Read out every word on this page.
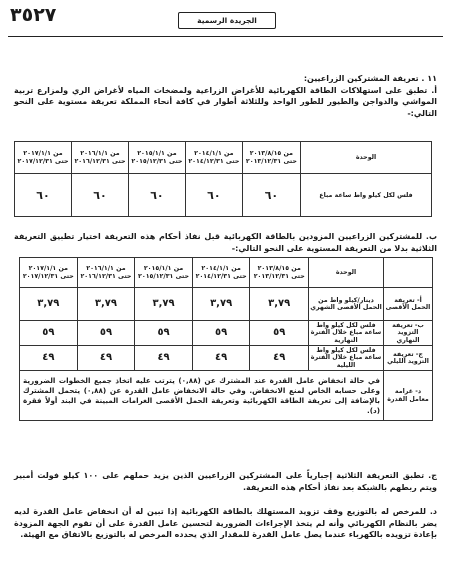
٣٥٢٧	الجريدة الرسمية

١١ . تعريفة المشتركين الزراعيين:

أ. تطبق على استهلاكات الطاقة الكهربائية للأغراض الزراعية ولمضخات المياه لأغراض الري ولمزارع تربية المواشي والدواجن والطيور للطور الواحد وللثلاثة أطوار في كافة أنحاء المملكة تعريفة مستوية على النحو التالي:-

الوحدة	من ٢٠١٣/٨/١٥ حتى ٢٠١٣/١٢/٣١	من ٢٠١٤/١/١ حتى ٢٠١٤/١٢/٣١	من ٢٠١٥/١/١ حتى ٢٠١٥/١٢/٣١	من ٢٠١٦/١/١ حتى ٢٠١٦/١٢/٣١	من ٢٠١٧/١/١ حتى ٢٠١٧/١٢/٣١
فلس لكل كيلو واط ساعة مباع	٦٠	٦٠	٦٠	٦٠	٦٠
ب. للمشتركين الزراعيين المزودين بالطاقة الكهربائية قبل نفاذ أحكام هذه التعريفة اختيار تطبيق التعريفة الثلاثية بدلا من التعريفة المستوية على النحو التالي:-
	الوحدة	من ٢٠١٣/٨/١٥ حتى ٢٠١٣/١٢/٣١	من ٢٠١٤/١/١ حتى ٢٠١٤/١٢/٣١	من ٢٠١٥/١/١ حتى ٢٠١٥/١٢/٣١	من ٢٠١٦/١/١ حتى ٢٠١٦/١٢/٣١	من ٢٠١٧/١/١ حتى ٢٠١٧/١٢/٣١
أ- تعريفة الحمل الأقصى	دينار/كيلو واط من الحمل الأقصى الشهري	٣,٧٩	٣,٧٩	٣,٧٩	٣,٧٩	٣,٧٩
ب- تعريفة التزويد النهاري	فلس لكل كيلو واط ساعة مباع خلال الفترة النهارية	٥٩	٥٩	٥٩	٥٩	٥٩
ج- تعريفة التزويد الليلي	فلس لكل كيلو واط ساعة مباع خلال الفترة الليلية	٤٩	٤٩	٤٩	٤٩	٤٩
د- غرامة معامل القدرة	في حالة انخفاض عامل القدرة عند المشترك عن (٠,٨٨) يترتب عليه اتخاذ جميع الخطوات الضرورية وعلى حسابه الخاص لمنع الانخفاض. وفي حالة الانخفاض عامل القدرة عن (٠,٨٨) يتحمل المشترك بالإضافة إلى تعريفة الطاقة الكهربائية وتعريفة الحمل الأقصى الغرامات المبينة في البند أولاً فقرة (د).					
ج. تطبق التعريفة الثلاثية إجبارياً على المشتركين الزراعيين الذين يزيد حملهم على ١٠٠ كيلو فولت أمبير ويتم ربطهم بالشبكة بعد نفاذ أحكام هذه التعريفة.
د. للمرخص له بالتوزيع وقف تزويد المستهلك بالطاقة الكهربائية إذا تبين له أن انخفاض عامل القدرة لديه يضر بالنظام الكهربائي وأنه لم يتخذ الإجراءات الضرورية لتحسين عامل القدرة على أن تقوم الجهة المزودة بإعادة تزويده بالكهرباء عندما يصل عامل القدرة للمقدار الذي يحدده المرخص له بالتوزيع بالاتفاق مع الهيئة.
